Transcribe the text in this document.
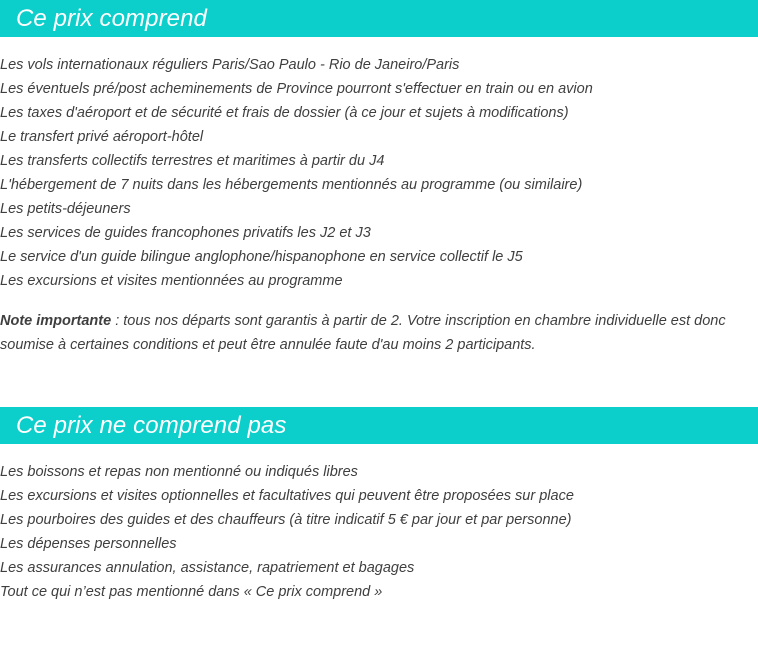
Ce prix comprend
Les vols internationaux réguliers Paris/Sao Paulo - Rio de Janeiro/Paris
Les éventuels pré/post acheminements de Province pourront s'effectuer en train ou en avion
Les taxes d'aéroport et de sécurité et frais de dossier (à ce jour et sujets à modifications)
Le transfert privé aéroport-hôtel
Les transferts collectifs terrestres et maritimes à partir du J4
L'hébergement de 7 nuits dans les hébergements mentionnés au programme (ou similaire)
Les petits-déjeuners
Les services de guides francophones privatifs les J2 et J3
Le service d'un guide bilingue anglophone/hispanophone en service collectif le J5
Les excursions et visites mentionnées au programme

Note importante : tous nos départs sont garantis à partir de 2. Votre inscription en chambre individuelle est donc soumise à certaines conditions et peut être annulée faute d'au moins 2 participants.

Ce prix ne comprend pas
Les boissons et repas non mentionné ou indiqués libres
Les excursions et visites optionnelles et facultatives qui peuvent être proposées sur place
Les pourboires des guides et des chauffeurs (à titre indicatif 5 € par jour et par personne)
Les dépenses personnelles
Les assurances annulation, assistance, rapatriement et bagages
Tout ce qui n’est pas mentionné dans « Ce prix comprend »
